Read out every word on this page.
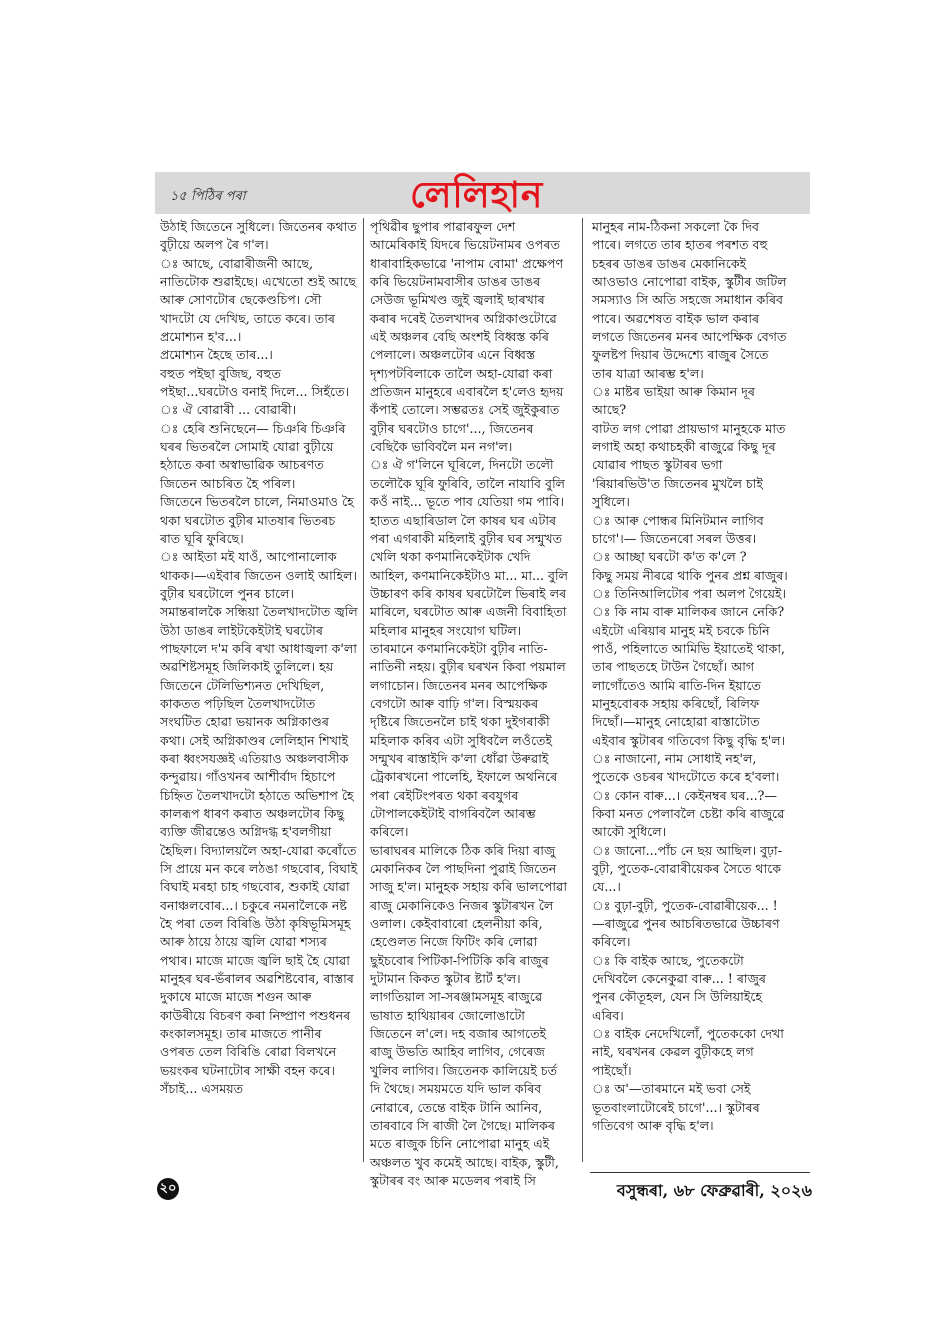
১৫ পিঠিৰ পৰা	লেলিহান

উঠাই জিতেনে সুধিলে। জিতেনৰ কথাত বুঢ়ীয়ে অলপ ৰৈ গ'ল।

ঃ আছে, বোৱাৰীজনী আছে, নাতিটোক শুৱাইছে। এখেতো শুই আছে আৰু সোণটোৰ ছেকেণ্ডচিপ। সৌ খাদটো যে দেখিছ, তাতে কৰে। তাৰ প্ৰমোশ্যন হ'ব...।

প্ৰমোশ্যন হৈছে তাৰ...।

বহুত পইছা বুজিছ, বহুত পইছা...ঘৰটোও বনাই দিলে... সিহঁতে।

ঃ ঐ বোৱাৰী ... বোৱাৰী।

ঃ হেৰি শুনিছেনে— চিঞৰি চিঞৰি ঘৰৰ ভিতৰলৈ সোমাই যোৱা বুঢ়ীয়ে হঠাতে কৰা অস্বাভাৱিক আচৰণত জিতেন আচৰিত হৈ পৰিল।

জিতেনে ভিতৰলৈ চালে, নিমাওমাও হৈ থকা ঘৰটোত বুঢ়ীৰ মাতষাৰ ভিতৰচ ৰাত ঘূৰি ফুৰিছে।

ঃ আইতা মই যাওঁ, আপোনালোক থাকক।—এইবাৰ জিতেন ওলাই আহিল। বুঢ়ীৰ ঘৰটোলে পুনৰ চালে। সমান্তৰালকৈ সন্ধিয়া তৈলখাদটোত জ্বলি উঠা ডাঙৰ লাইটকেইটাই ঘৰটোৰ পাছফালে দ'ম কৰি ৰখা আধাজ্বলা ক'লা অৱশিষ্টসমূহ জিলিকাই তুলিলে। হয় জিতেনে টেলিভিশ্যনত দেখিছিল, কাকতত পঢ়িছিল তৈলখাদটোত সংঘটিত হোৱা ভয়ানক অগ্নিকাণ্ডৰ কথা। সেই অগ্নিকাণ্ডৰ লেলিহান শিখাই কৰা ধ্বংসযজ্ঞই এতিয়াও অঞ্চলবাসীক কন্দুৱায়। গাঁওখনৰ আশীৰ্বাদ হিচাপে চিহ্নিত তৈলখাদটো হঠাতে অভিশাপ হৈ কালৰূপ ধাৰণ কৰাত অঞ্চলটোৰ কিছু ব্যক্তি জীৱন্তেও অগ্নিদগ্ধ হ'বলগীয়া হৈছিল। বিদ্যালয়লৈ অহা-যোৱা কৰোঁতে সি প্ৰায়ে মন কৰে লঠঙা গছবোৰ, বিঘাই বিঘাই মৰহা চাহ গছবোৰ, শুকাই যোৱা বনাঞ্চলবোৰ...। চকুৰে নমনালৈকে নষ্ট হৈ পৰা তেল বিৰিঙি উঠা কৃষিভূমিসমূহ আৰু ঠায়ে ঠায়ে জ্বলি যোৱা শস্যৰ পথাৰ। মাজে মাজে জ্বলি ছাই হৈ যোৱা মানুহৰ ঘৰ-ভঁৰালৰ অৱশিষ্টবোৰ, ৰাস্তাৰ দুকাষে মাজে মাজে শগুন আৰু কাউৰীয়ে বিচৰণ কৰা নিষ্প্ৰাণ পশুধনৰ কংকালসমূহ। তাৰ মাজতে পানীৰ ওপৰত তেল বিৰিঙি ৰোৱা বিলখনে ভয়ংকৰ ঘটনাটোৰ সাক্ষী বহন কৰে। সঁচাই... এসময়ত

পৃথিৱীৰ ছুপাৰ পাৱাৰফুল দেশ আমেৰিকাই যিদৰে ভিয়েটনামৰ ওপৰত ধাৰাবাহিকভাৱে 'নাপাম বোমা' প্ৰক্ষেপণ কৰি ভিয়েটনামবাসীৰ ডাঙৰ ডাঙৰ সেউজ ভূমিখণ্ড জুই জ্বলাই ছাৰখাৰ কৰাৰ দৰেই তৈলখাদৰ অগ্নিকাণ্ডটোৱে এই অঞ্চলৰ বেছি অংশই বিধ্বস্ত কৰি পেলালে। অঞ্চলটোৰ এনে বিধ্বস্ত দৃশ্যপটবিলাকে তালৈ অহা-যোৱা কৰা প্ৰতিজন মানুহৰে এবাৰলৈ হ'লেও হৃদয় কঁপাই তোলে। সম্ভৱতঃ সেই জুইকুৰাত বুঢ়ীৰ ঘৰটোও চাগে'..., জিতেনৰ বেছিকৈ ভাবিবলৈ মন নগ'ল।

ঃ ঐ গ'লিনে ঘূৰিলে, দিনটো তলৌ তলৌকৈ ঘূৰি ফুৰিবি, তালৈ নাযাবি বুলি কওঁ নাই... ভূতে পাব যেতিয়া গম পাবি। হাতত এছাৰিডাল লৈ কাষৰ ঘৰ এটাৰ পৰা এগৰাকী মহিলাই বুঢ়ীৰ ঘৰ সন্মুখত খেলি থকা কণমানিকেইটাক খেদি আহিল, কণমানিকেইটাও মা... মা... বুলি উচ্চাৰণ কৰি কাষৰ ঘৰটোলৈ ভিৰাই লৰ মাৰিলে, ঘৰটোত আৰু এজনী বিবাহিতা মহিলাৰ মানুহৰ সংযোগ ঘটিল। তাৰমানে কণমানিকেইটা বুঢ়ীৰ নাতি-নাতিনী নহয়। বুঢ়ীৰ ঘৰখন কিবা পয়মাল লগাচোন। জিতেনৰ মনৰ আপেক্ষিক বেগটো আৰু বাঢ়ি গ'ল। বিস্ময়কৰ দৃষ্টিৰে জিতেনলৈ চাই থকা দুইগৰাকী মহিলাক কৰিব এটা সুধিবলৈ লওঁতেই সন্মুখৰ ৰাস্তাইদি ক'লা ধোঁৱা উৰুৱাই ট্ৰেকাৰখনো পালেহি, ইফালে অথনিৰে পৰা ৰেইটিংপৰত থকা ৰবযুগৰ টোপালকেইটাই বাগৰিবলৈ আৰম্ভ কৰিলে।

ভাৰাঘৰৰ মালিকে ঠিক কৰি দিয়া ৰাজু মেকানিকৰ লৈ পাছদিনা পুৱাই জিতেন সাজু হ'ল। মানুহক সহায় কৰি ভালপোৱা ৰাজু মেকানিকেও নিজৰ স্কুটাৰখন লৈ ওলাল। কেইবাবাৰো হেলনীয়া কৰি, হেণ্ডেলত নিজে ফিটিং কৰি লোৱা ছুইচবোৰ পিটিকা-পিটিকি কৰি ৰাজুৰ দুটামান কিকত স্কুটাৰ ষ্টাৰ্ট হ'ল। লাগতিয়াল সা-সৰঞ্জামসমূহ ৰাজুৱে ভাষাত হাথিয়াৰৰ জোলোঙাটো জিতেনে ল'লে। দহ বজাৰ আগতেই ৰাজু উভতি আহিব লাগিব, গেৰেজ খুলিব লাগিব। জিতেনক কালিয়েই চৰ্ত দি থৈছে। সময়মতে যদি ভাল কৰিব নোৱাৰে, তেন্তে বাইক টানি আনিব, তাৰবাবে সি ৰাজী লৈ গৈছে। মালিকৰ মতে ৰাজুক চিনি নোপোৱা মানুহ এই অঞ্চলত খুব কমেই আছে। বাইক, স্কুটী, স্কুটাৰৰ বং আৰু মডেলৰ পৰাই সি

মানুহৰ নাম-ঠিকনা সকলো কৈ দিব পাৰে। লগতে তাৰ হাতৰ পৰশত বহু চহৰৰ ডাঙৰ ডাঙৰ মেকানিকেই আওভাও নোপোৱা বাইক, স্কুটীৰ জটিল সমস্যাও সি অতি সহজে সমাধান কৰিব পাৰে। অৱশেষত বাইক ভাল কৰাৰ লগতে জিতেনৰ মনৰ আপেক্ষিক বেগত ফুলষ্টপ দিয়াৰ উদ্দেশ্যে ৰাজুৰ সৈতে তাৰ যাত্ৰা আৰম্ভ হ'ল।

ঃ মাষ্টৰ ভাইয়া আৰু কিমান দূৰ আছে?

বাটত লগ পোৱা প্ৰায়ভাগ মানুহকে মাত লগাই অহা কথাচহকী ৰাজুৱে কিছু দূৰ যোৱাৰ পাছত স্কুটাৰৰ ভগা 'ৰিয়াৰভিউ'ত জিতেনৰ মুখলৈ চাই সুধিলে।

ঃ আৰু পোন্ধৰ মিনিটমান লাগিব চাগে'।— জিতেনৰো সৰল উত্তৰ।

ঃ আচ্ছা ঘৰটো ক'ত ক'লে ?

কিছু সময় নীৰৱে থাকি পুনৰ প্ৰশ্ন ৰাজুৰ।

ঃ তিনিআলিটোৰ পৰা অলপ গৈয়েই।

ঃ কি নাম বাৰু মালিকৰ জানে নেকি? এইটো এৰিয়াৰ মানুহ মই চবকে চিনি পাওঁ, পহিলাতে আমিভি ইয়াতেই থাকা, তাৰ পাছতহে টাউন গৈছোঁ। আগ লাগোঁতেও আমি ৰাতি-দিন ইয়াতে মানুহবোৰক সহায় কৰিছোঁ, ৰিলিফ দিছোঁ।—মানুহ নোহোৱা ৰাস্তাটোত এইবাৰ স্কুটাৰৰ গতিবেগ কিছু বৃদ্ধি হ'ল।

ঃ নাজানো, নাম সোধাই নহ'ল, পুতেকে ওচৰৰ খাদটোতে কৰে হ'বলা।

ঃ কোন বাৰু...। কেইনম্বৰ ঘৰ...?—কিবা মনত পেলাবলৈ চেষ্টা কৰি ৰাজুৱে আকৌ সুধিলে।

ঃ জানো...পাঁচ নে ছয় আছিল। বুঢ়া-বুঢ়ী, পুতেক-বোৱাৰীয়েকৰ সৈতে থাকে যে...।

ঃ বুঢ়া-বুঢ়ী, পুতেক-বোৱাৰীয়েক... !—ৰাজুৱে পুনৰ আচৰিতভাৱে উচ্চাৰণ কৰিলে।

ঃ কি বাইক আছে, পুতেকটো দেখিবলৈ কেনেকুৱা বাৰু... ! ৰাজুৰ পুনৰ কৌতূহল, যেন সি উলিয়াইহে এৰিব।

ঃ বাইক নেদেখিলোঁ, পুতেককো দেখা নাই, ঘৰখনৰ কেৱল বুঢ়ীকহে লগ পাইছোঁ।

ঃ অ'—তাৰমানে মই ভবা সেই ভূতবাংলাটোৰেই চাগে'...। স্কুটাৰৰ গতিবেগ আৰু বৃদ্ধি হ'ল।

২০	বসুন্ধৰা, ৬৮ ফেব্ৰুৱাৰী, ২০২৬
